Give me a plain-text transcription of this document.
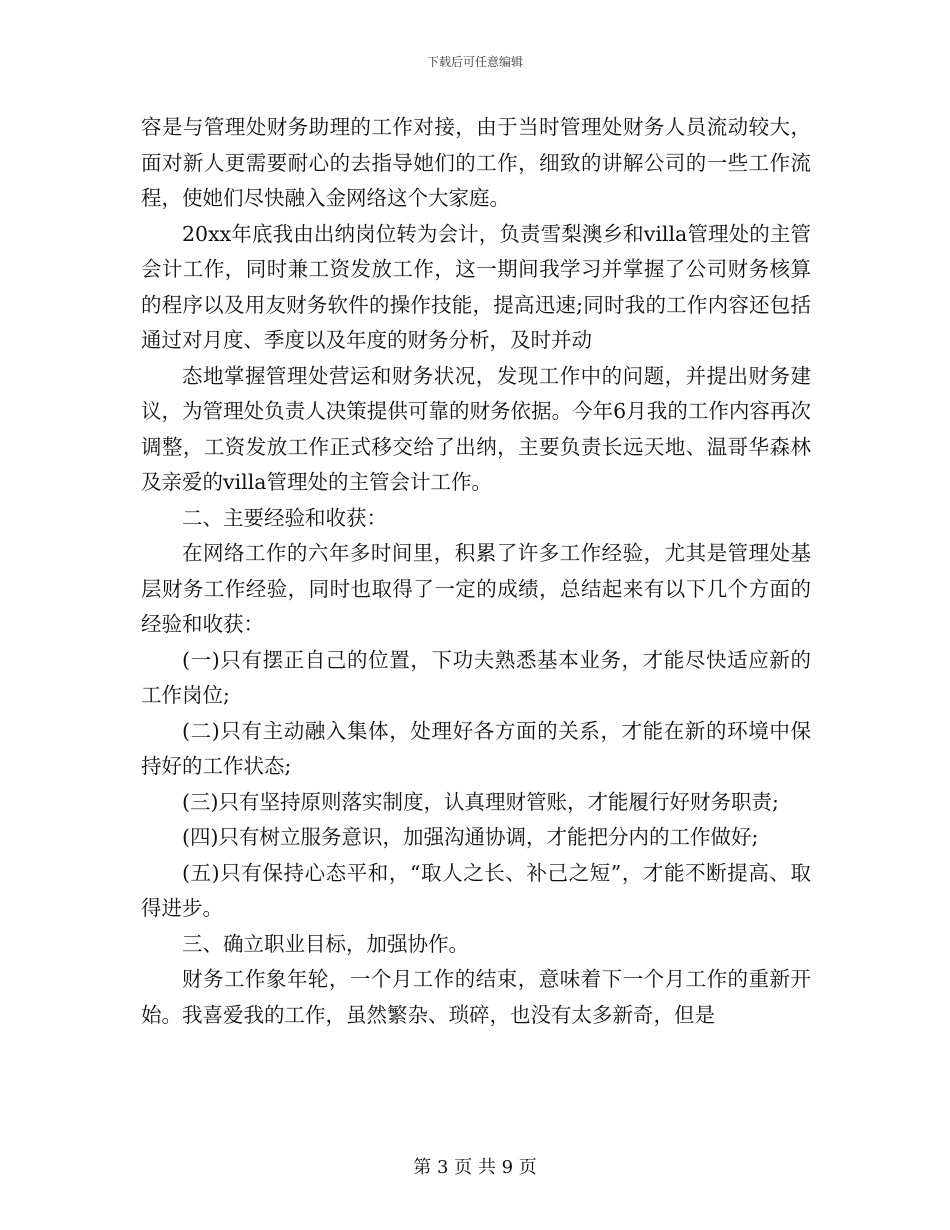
下载后可任意编辑

容是与管理处财务助理的工作对接，由于当时管理处财务人员流动较大，面对新人更需要耐心的去指导她们的工作，细致的讲解公司的一些工作流程，使她们尽快融入金网络这个大家庭。

20xx年底我由出纳岗位转为会计，负责雪梨澳乡和villa管理处的主管会计工作，同时兼工资发放工作，这一期间我学习并掌握了公司财务核算的程序以及用友财务软件的操作技能，提高迅速;同时我的工作内容还包括通过对月度、季度以及年度的财务分析，及时并动

态地掌握管理处营运和财务状况，发现工作中的问题，并提出财务建议，为管理处负责人决策提供可靠的财务依据。今年6月我的工作内容再次调整，工资发放工作正式移交给了出纳，主要负责长远天地、温哥华森林及亲爱的villa管理处的主管会计工作。

二、主要经验和收获：

在网络工作的六年多时间里，积累了许多工作经验，尤其是管理处基层财务工作经验，同时也取得了一定的成绩，总结起来有以下几个方面的经验和收获：

(一)只有摆正自己的位置，下功夫熟悉基本业务，才能尽快适应新的工作岗位;

(二)只有主动融入集体，处理好各方面的关系，才能在新的环境中保持好的工作状态;

(三)只有坚持原则落实制度，认真理财管账，才能履行好财务职责;

(四)只有树立服务意识，加强沟通协调，才能把分内的工作做好;

(五)只有保持心态平和，“取人之长、补己之短”，才能不断提高、取得进步。

三、确立职业目标，加强协作。

财务工作象年轮，一个月工作的结束，意味着下一个月工作的重新开始。我喜爱我的工作，虽然繁杂、琐碎，也没有太多新奇，但是

第 3 页 共 9 页
